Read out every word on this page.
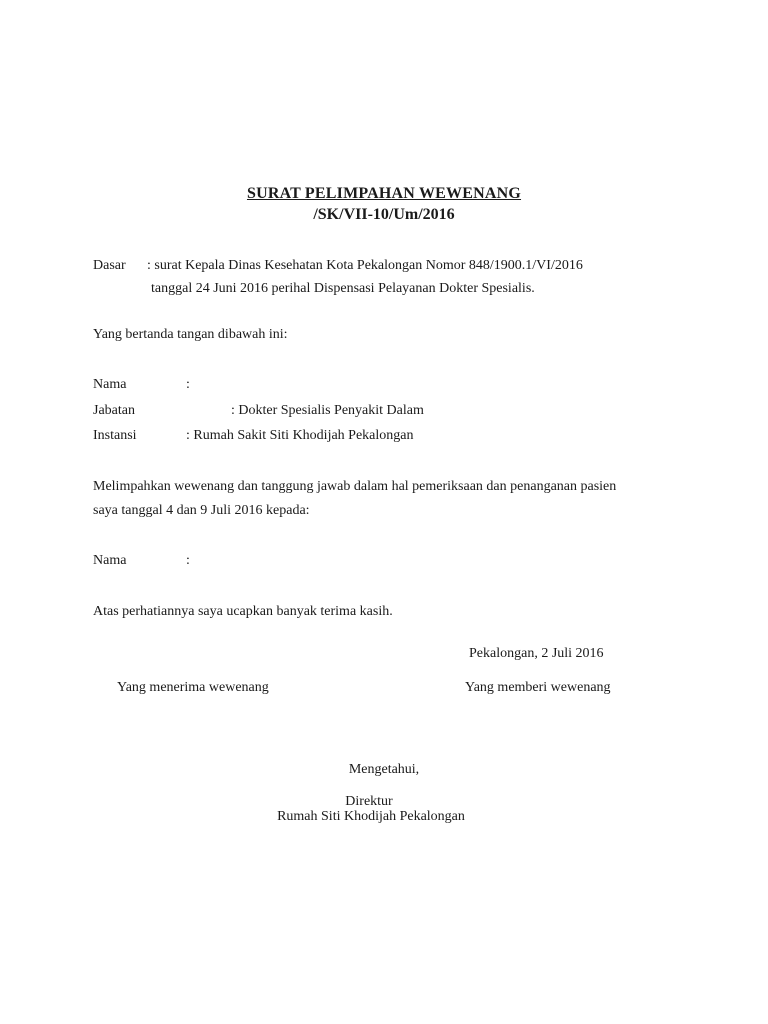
SURAT PELIMPAHAN WEWENANG
/SK/VII-10/Um/2016
Dasar : surat Kepala Dinas Kesehatan Kota Pekalongan Nomor 848/1900.1/VI/2016
tanggal 24 Juni 2016 perihal Dispensasi Pelayanan Dokter Spesialis.
Yang bertanda tangan dibawah ini:
Nama	:
Jabatan	: Dokter Spesialis Penyakit Dalam
Instansi	: Rumah Sakit Siti Khodijah Pekalongan
Melimpahkan wewenang dan tanggung jawab dalam hal pemeriksaan dan penanganan pasien
saya tanggal 4 dan 9 Juli 2016 kepada:
Nama	:
Atas perhatiannya saya ucapkan banyak terima kasih.
Pekalongan, 2 Juli 2016
Yang menerima wewenang	Yang memberi wewenang
Mengetahui,
Direktur
Rumah Siti Khodijah Pekalongan
